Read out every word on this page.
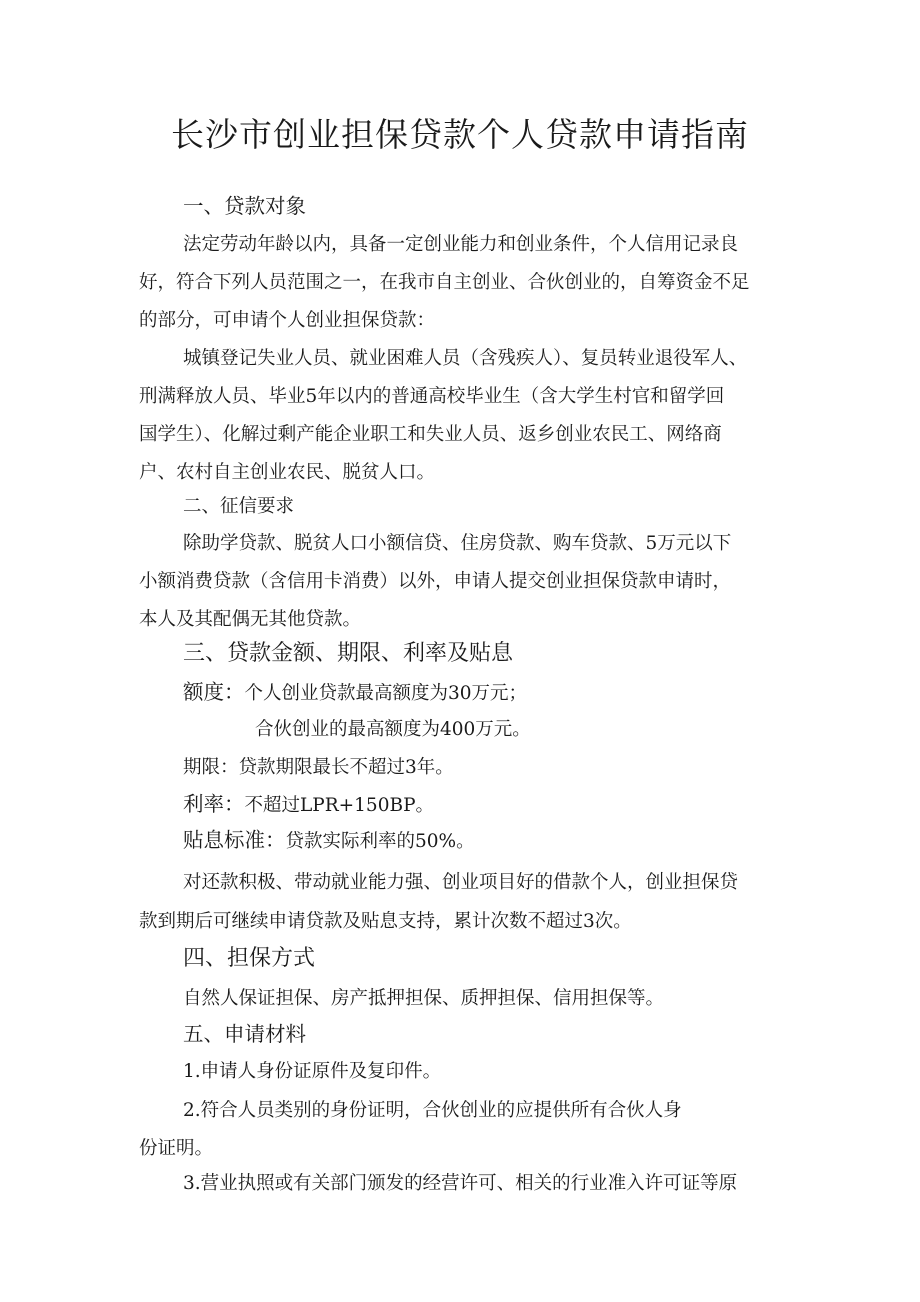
长沙市创业担保贷款个人贷款申请指南
一、贷款对象
法定劳动年龄以内，具备一定创业能力和创业条件，个人信用记录良
好，符合下列人员范围之一，在我市自主创业、合伙创业的，自筹资金不足
的部分，可申请个人创业担保贷款：
城镇登记失业人员、就业困难人员（含残疾人）、复员转业退役军人、
刑满释放人员、毕业5年以内的普通高校毕业生（含大学生村官和留学回
国学生）、化解过剩产能企业职工和失业人员、返乡创业农民工、网络商
户、农村自主创业农民、脱贫人口。
二、征信要求
除助学贷款、脱贫人口小额信贷、住房贷款、购车贷款、5万元以下
小额消费贷款（含信用卡消费）以外，申请人提交创业担保贷款申请时，
本人及其配偶无其他贷款。
三、贷款金额、期限、利率及贴息
额度：个人创业贷款最高额度为30万元；
合伙创业的最高额度为400万元。
期限：贷款期限最长不超过3年。
利率：不超过LPR+150BP。
贴息标准：贷款实际利率的50%。
对还款积极、带动就业能力强、创业项目好的借款个人，创业担保贷
款到期后可继续申请贷款及贴息支持，累计次数不超过3次。
四、担保方式
自然人保证担保、房产抵押担保、质押担保、信用担保等。
五、申请材料
1.申请人身份证原件及复印件。
2.符合人员类别的身份证明，合伙创业的应提供所有合伙人身
份证明。
3.营业执照或有关部门颁发的经营许可、相关的行业准入许可证等原
